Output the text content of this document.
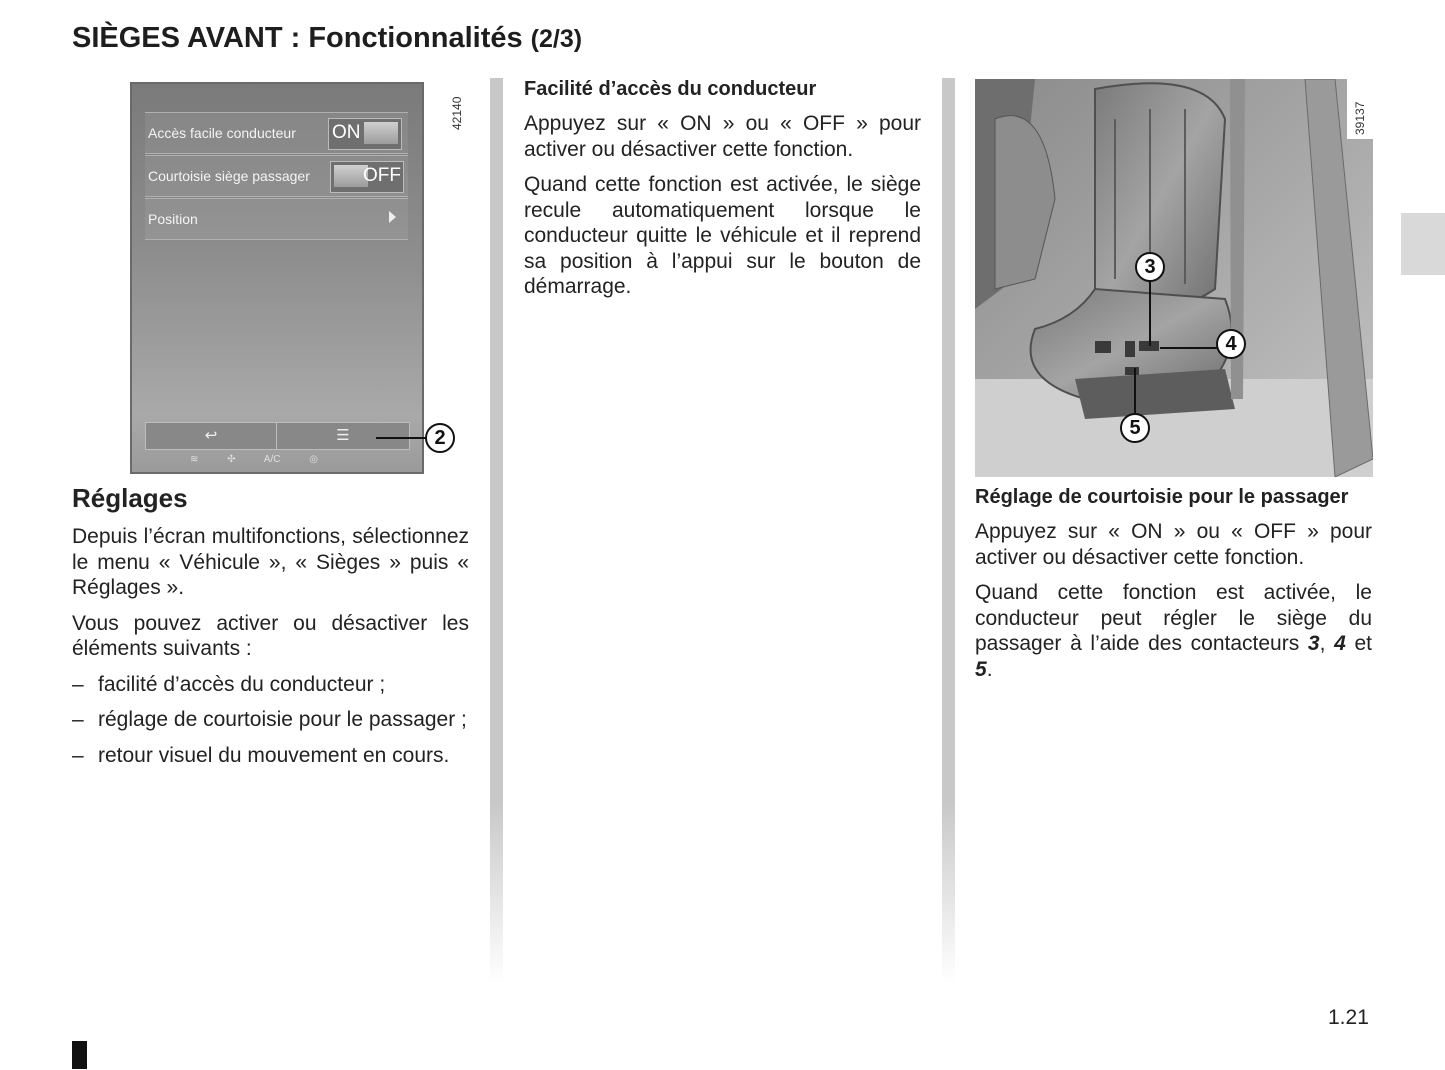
SIÈGES AVANT : Fonctionnalités (2/3)
Accès facile conducteur ON
Courtoisie siège passager	OFF
Position
↩	☰
≋	✣	A/C	◎
42140
2
Réglages

Depuis l’écran multifonctions, sélectionnez le menu « Véhicule », « Sièges » puis « Réglages ».

Vous pouvez activer ou désactiver les éléments suivants :

– facilité d’accès du conducteur ;
– réglage de courtoisie pour le passager ;
– retour visuel du mouvement en cours.
Facilité d’accès du conducteur

Appuyez sur « ON » ou « OFF » pour activer ou désactiver cette fonction.

Quand cette fonction est activée, le siège recule automatiquement lorsque le conducteur quitte le véhicule et il reprend sa position à l’appui sur le bouton de démarrage.

39137
3
4
5
Réglage de courtoisie pour le passager

Appuyez sur « ON » ou « OFF » pour activer ou désactiver cette fonction.

Quand cette fonction est activée, le conducteur peut régler le siège du passager à l’aide des contacteurs 3, 4 et 5.

1.21
